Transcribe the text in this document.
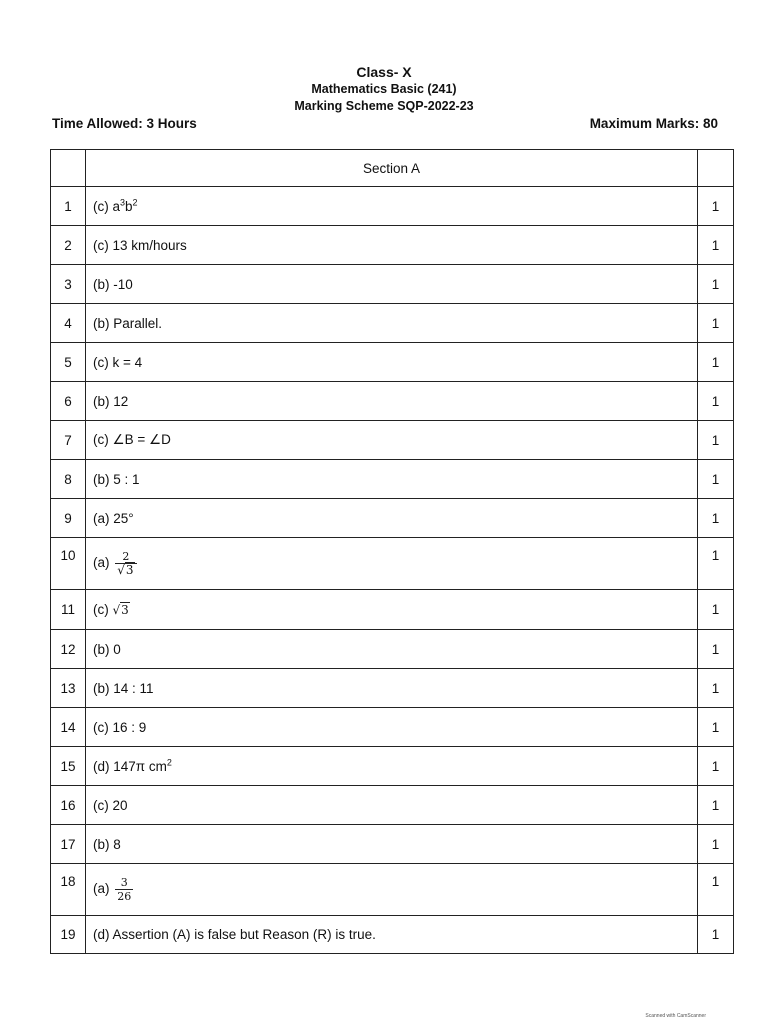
Class- X
Mathematics Basic (241)
Marking Scheme SQP-2022-23
Time Allowed: 3 Hours	Maximum Marks: 80
	Section A	
1	(c) $a^3b^2$	1
2	(c) 13 km/hours	1
3	(b) -10	1
4	(b) Parallel.	1
5	(c) k = 4	1
6	(b) 12	1
7	(c) ∠B = ∠D	1
8	(b) 5 : 1	1
9	(a) 25°	1
10	$(a) \frac{2}{√3}$	1
11	(c) √3	1
12	(b) 0	1
13	(b) 14 : 11	1
14	(c) 16 : 9	1
15	(d) 147π $cm^2$	1
16	(c) 20	1
17	(b) 8	1
18	$(a) \frac{3}{26}$	1
19	(d) Assertion (A) is false but Reason (R) is true.	1
Scanned with CamScanner
